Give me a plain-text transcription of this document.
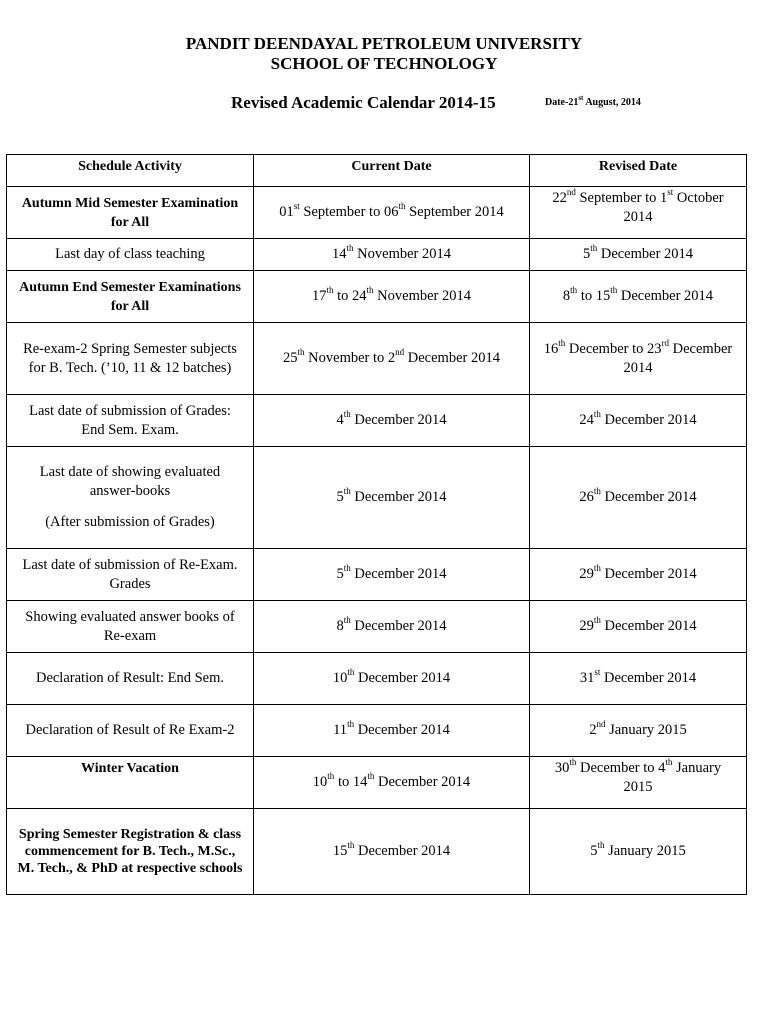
PANDIT DEENDAYAL PETROLEUM UNIVERSITY
SCHOOL OF TECHNOLOGY
Revised Academic Calendar 2014-15	Date-21st August, 2014
Schedule Activity	Current Date	Revised Date
Autumn Mid Semester Examination for All	01st September to 06th September 2014	22nd September to 1st October 2014
Last day of class teaching	14th November 2014	5th December 2014
Autumn End Semester Examinations for All	17th to 24th November 2014	8th to 15th December 2014
Re-exam-2 Spring Semester subjects for B. Tech. (’10, 11 & 12 batches)	25th November to 2nd December 2014	16th December to 23rd December 2014
Last date of submission of Grades: End Sem. Exam.	4th December 2014	24th December 2014
Last date of showing evaluated answer-books
(After submission of Grades)	5th December 2014	26th December 2014
Last date of submission of Re-Exam. Grades	5th December 2014	29th December 2014
Showing evaluated answer books of Re-exam	8th December 2014	29th December 2014
Declaration of Result: End Sem.	10th December 2014	31st December 2014
Declaration of Result of Re Exam-2	11th December 2014	2nd January 2015
Winter Vacation	10th to 14th December 2014	30th December to 4th January 2015
Spring Semester Registration & class commencement for B. Tech., M.Sc., M. Tech., & PhD at respective schools	15th December 2014	5th January 2015
